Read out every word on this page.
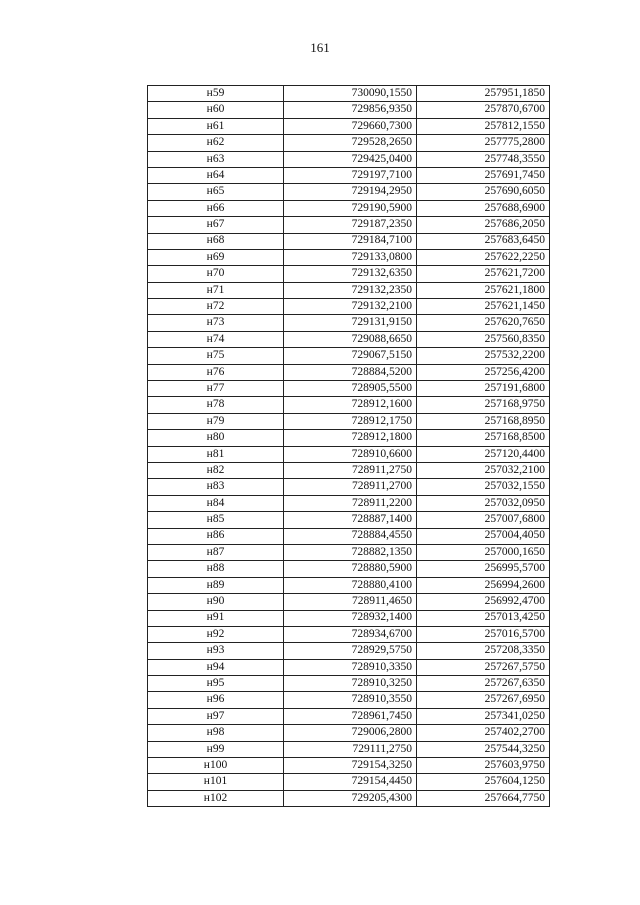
161
н59	730090,1550	257951,1850
н60	729856,9350	257870,6700
н61	729660,7300	257812,1550
н62	729528,2650	257775,2800
н63	729425,0400	257748,3550
н64	729197,7100	257691,7450
н65	729194,2950	257690,6050
н66	729190,5900	257688,6900
н67	729187,2350	257686,2050
н68	729184,7100	257683,6450
н69	729133,0800	257622,2250
н70	729132,6350	257621,7200
н71	729132,2350	257621,1800
н72	729132,2100	257621,1450
н73	729131,9150	257620,7650
н74	729088,6650	257560,8350
н75	729067,5150	257532,2200
н76	728884,5200	257256,4200
н77	728905,5500	257191,6800
н78	728912,1600	257168,9750
н79	728912,1750	257168,8950
н80	728912,1800	257168,8500
н81	728910,6600	257120,4400
н82	728911,2750	257032,2100
н83	728911,2700	257032,1550
н84	728911,2200	257032,0950
н85	728887,1400	257007,6800
н86	728884,4550	257004,4050
н87	728882,1350	257000,1650
н88	728880,5900	256995,5700
н89	728880,4100	256994,2600
н90	728911,4650	256992,4700
н91	728932,1400	257013,4250
н92	728934,6700	257016,5700
н93	728929,5750	257208,3350
н94	728910,3350	257267,5750
н95	728910,3250	257267,6350
н96	728910,3550	257267,6950
н97	728961,7450	257341,0250
н98	729006,2800	257402,2700
н99	729111,2750	257544,3250
н100	729154,3250	257603,9750
н101	729154,4450	257604,1250
н102	729205,4300	257664,7750
